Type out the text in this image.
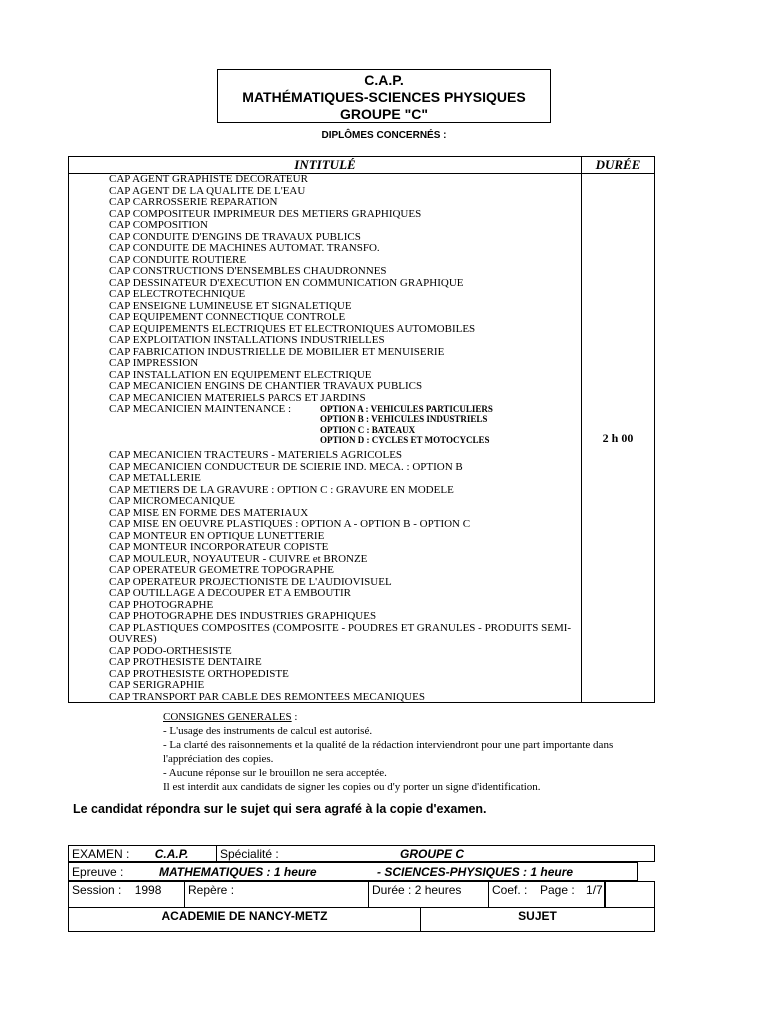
C.A.P.
MATHÉMATIQUES-SCIENCES PHYSIQUES
GROUPE "C"
DIPLÔMES CONCERNÉS :
INTITULÉ	DURÉE
CAP AGENT GRAPHISTE DECORATEUR
CAP AGENT DE LA QUALITE DE L'EAU
CAP CARROSSERIE REPARATION
CAP COMPOSITEUR IMPRIMEUR DES METIERS GRAPHIQUES
CAP COMPOSITION
CAP CONDUITE D'ENGINS DE TRAVAUX PUBLICS
CAP CONDUITE DE MACHINES AUTOMAT. TRANSFO.
CAP CONDUITE ROUTIERE
CAP CONSTRUCTIONS D'ENSEMBLES CHAUDRONNES
CAP DESSINATEUR D'EXECUTION EN COMMUNICATION GRAPHIQUE
CAP ELECTROTECHNIQUE
CAP ENSEIGNE LUMINEUSE ET SIGNALETIQUE
CAP EQUIPEMENT CONNECTIQUE CONTROLE
CAP EQUIPEMENTS ELECTRIQUES ET ELECTRONIQUES AUTOMOBILES
CAP EXPLOITATION INSTALLATIONS INDUSTRIELLES
CAP FABRICATION INDUSTRIELLE DE MOBILIER ET MENUISERIE
CAP IMPRESSION
CAP INSTALLATION EN EQUIPEMENT ELECTRIQUE
CAP MECANICIEN ENGINS DE CHANTIER TRAVAUX PUBLICS
CAP MECANICIEN MATERIELS PARCS ET JARDINS
CAP MECANICIEN MAINTENANCE :	OPTION A : VEHICULES PARTICULIERS
OPTION B : VEHICULES INDUSTRIELS
OPTION C : BATEAUX
OPTION D : CYCLES ET MOTOCYCLES
CAP MECANICIEN TRACTEURS - MATERIELS AGRICOLES
CAP MECANICIEN CONDUCTEUR DE SCIERIE IND. MECA. : OPTION B
CAP METALLERIE
CAP METIERS DE LA GRAVURE : OPTION C : GRAVURE EN MODELE
CAP MICROMECANIQUE
CAP MISE EN FORME DES MATERIAUX
CAP MISE EN OEUVRE PLASTIQUES : OPTION A - OPTION B - OPTION C
CAP MONTEUR EN OPTIQUE LUNETTERIE
CAP MONTEUR INCORPORATEUR COPISTE
CAP MOULEUR, NOYAUTEUR - CUIVRE et BRONZE
CAP OPERATEUR GEOMETRE TOPOGRAPHE
CAP OPERATEUR PROJECTIONISTE DE L'AUDIOVISUEL
CAP OUTILLAGE A DECOUPER ET A EMBOUTIR
CAP PHOTOGRAPHE
CAP PHOTOGRAPHE DES INDUSTRIES GRAPHIQUES
CAP PLASTIQUES COMPOSITES (COMPOSITE - POUDRES ET GRANULES - PRODUITS SEMI-OUVRES)
CAP PODO-ORTHESISTE
CAP PROTHESISTE DENTAIRE
CAP PROTHESISTE ORTHOPEDISTE
CAP SERIGRAPHIE
CAP TRANSPORT PAR CABLE DES REMONTEES MECANIQUES
2 h 00

CONSIGNES GENERALES :

- L'usage des instruments de calcul est autorisé.

- La clarté des raisonnements et la qualité de la rédaction interviendront pour une part importante dans l'appréciation des copies.

- Aucune réponse sur le brouillon ne sera acceptée.

Il est interdit aux candidats de signer les copies ou d'y porter un signe d'identification.

Le candidat répondra sur le sujet qui sera agrafé à la copie d'examen.
EXAMEN : C.A.P.	Spécialité :	GROUPE C
Epreuve :	MATHEMATIQUES : 1 heure	- SCIENCES-PHYSIQUES : 1 heure
Session : 1998	Repère :	Durée : 2 heures	Coef. :	Page : 1/7
ACADEMIE DE NANCY-METZ	SUJET
